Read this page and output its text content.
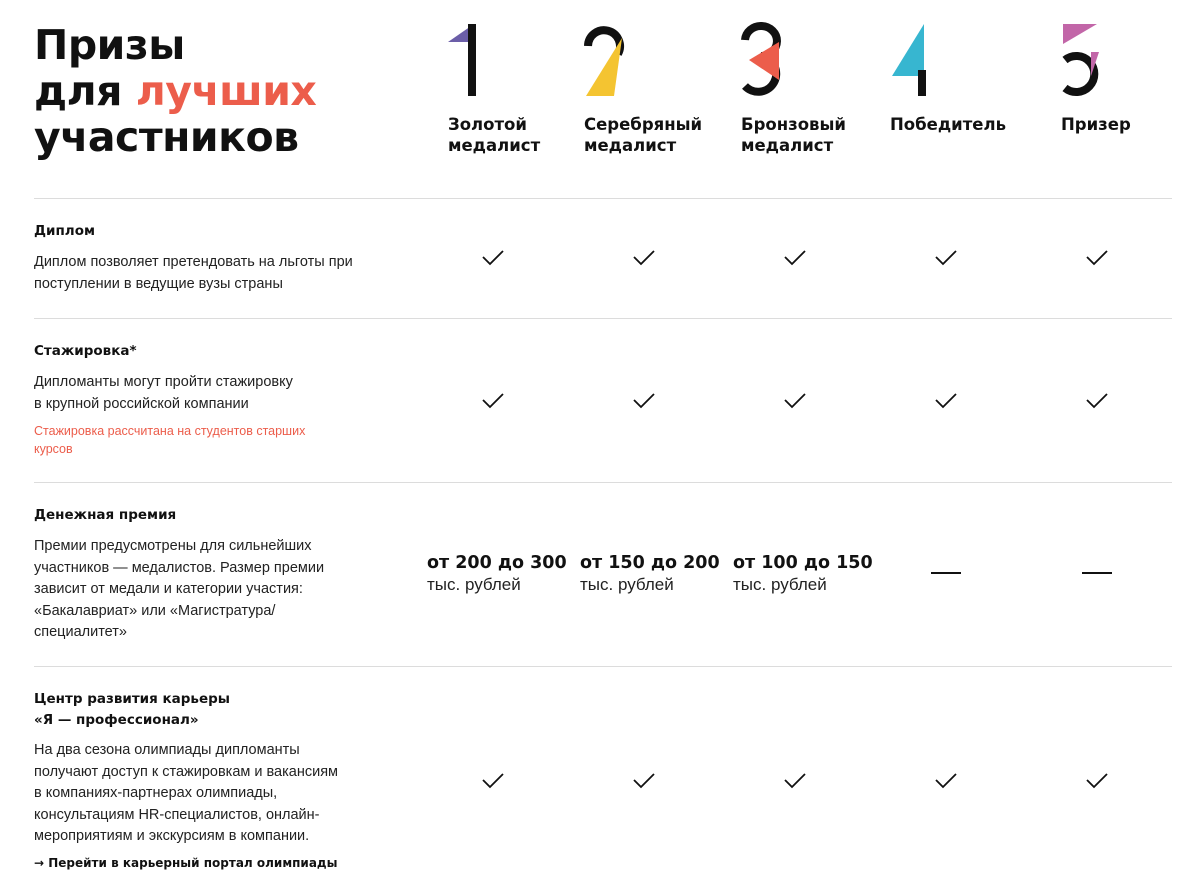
Призы
для лучших
участников	Золотой
медалист
Серебряный
медалист
Бронзовый
медалист
Победитель	Призер
Диплом
Диплом позволяет претендовать на льготы при
поступлении в ведущие вузы страны
Стажировка*
Дипломанты могут пройти стажировку
в крупной российской компании
Стажировка рассчитана на студентов старших
курсов
Денежная премия
Премии предусмотрены для сильнейших
участников — медалистов. Размер премии
зависит от медали и категории участия:
«Бакалавриат» или «Магистратура/
специалитет»
от 200 до 300
тыс. рублей
от 150 до 200
тыс. рублей
от 100 до 150
тыс. рублей
Центр развития карьеры
«Я — профессионал»
На два сезона олимпиады дипломанты
получают доступ к стажировкам и вакансиям
в компаниях-партнерах олимпиады,
консультациям HR-специалистов, онлайн-
мероприятиям и экскурсиям в компании.
→ Перейти в карьерный портал олимпиады
